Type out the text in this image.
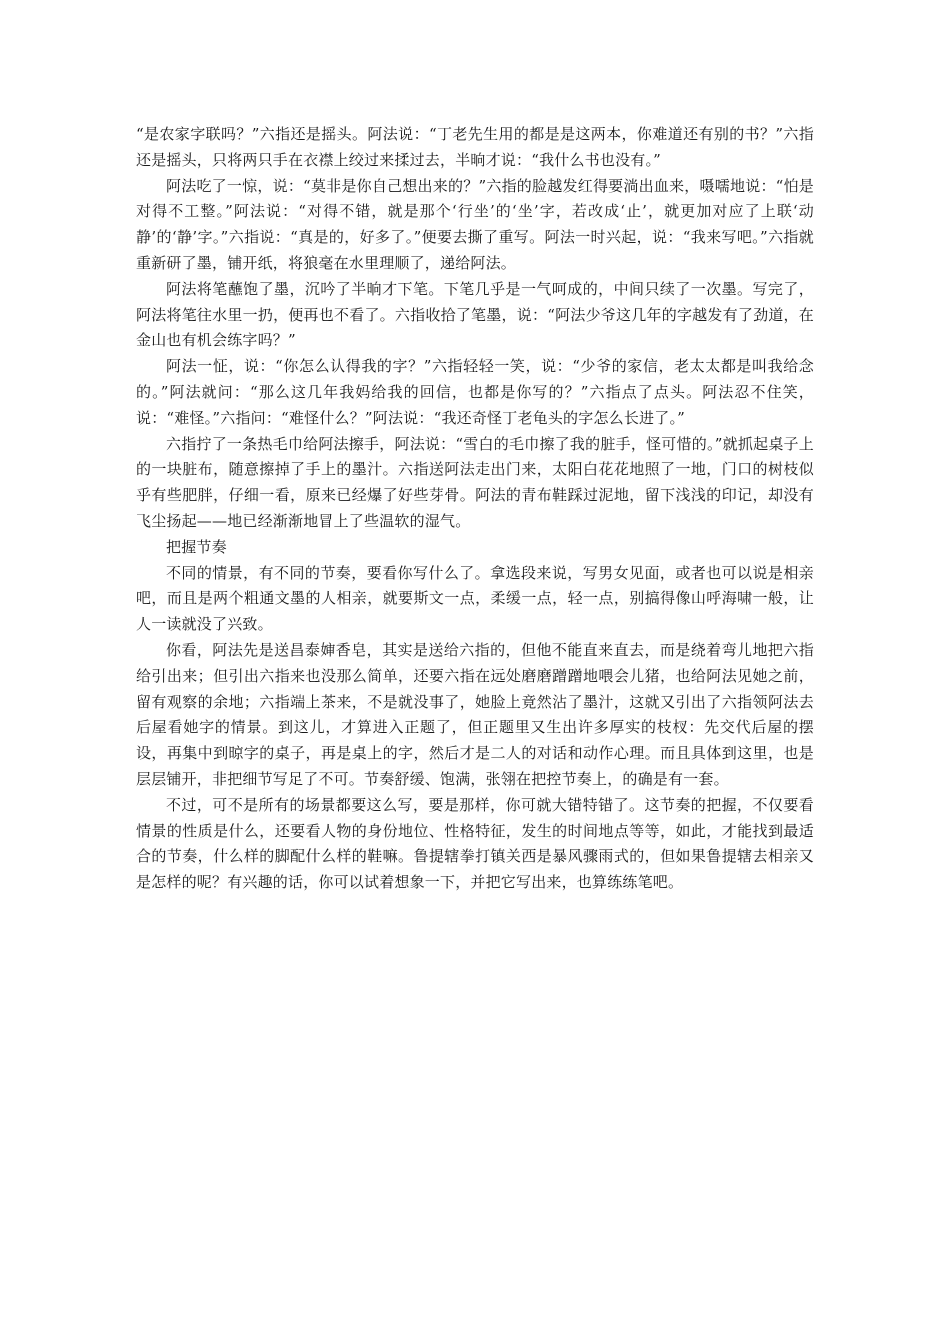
“是农家字联吗？”六指还是摇头。阿法说：“丁老先生用的都是是这两本，你难道还有别的书？”六指还是摇头，只将两只手在衣襟上绞过来揉过去，半晌才说：“我什么书也没有。”

阿法吃了一惊，说：“莫非是你自己想出来的？”六指的脸越发红得要淌出血来，嗫嚅地说：“怕是对得不工整。”阿法说：“对得不错，就是那个‘行坐’的‘坐’字，若改成‘止’，就更加对应了上联‘动静’的‘静’字。”六指说：“真是的，好多了。”便要去撕了重写。阿法一时兴起，说：“我来写吧。”六指就重新研了墨，铺开纸，将狼毫在水里理顺了，递给阿法。

阿法将笔蘸饱了墨，沉吟了半晌才下笔。下笔几乎是一气呵成的，中间只续了一次墨。写完了，阿法将笔往水里一扔，便再也不看了。六指收拾了笔墨，说：“阿法少爷这几年的字越发有了劲道，在金山也有机会练字吗？”

阿法一怔，说：“你怎么认得我的字？”六指轻轻一笑，说：“少爷的家信，老太太都是叫我给念的。”阿法就问：“那么这几年我妈给我的回信，也都是你写的？”六指点了点头。阿法忍不住笑，说：“难怪。”六指问：“难怪什么？”阿法说：“我还奇怪丁老龟头的字怎么长进了。”

六指拧了一条热毛巾给阿法擦手，阿法说：“雪白的毛巾擦了我的脏手，怪可惜的。”就抓起桌子上的一块脏布，随意擦掉了手上的墨汁。六指送阿法走出门来，太阳白花花地照了一地，门口的树枝似乎有些肥胖，仔细一看，原来已经爆了好些芽骨。阿法的青布鞋踩过泥地，留下浅浅的印记，却没有飞尘扬起——地已经渐渐地冒上了些温软的湿气。

把握节奏

不同的情景，有不同的节奏，要看你写什么了。拿选段来说，写男女见面，或者也可以说是相亲吧，而且是两个粗通文墨的人相亲，就要斯文一点，柔缓一点，轻一点，别搞得像山呼海啸一般，让人一读就没了兴致。

你看，阿法先是送昌泰婶香皂，其实是送给六指的，但他不能直来直去，而是绕着弯儿地把六指给引出来；但引出六指来也没那么简单，还要六指在远处磨磨蹭蹭地喂会儿猪，也给阿法见她之前，留有观察的余地；六指端上茶来，不是就没事了，她脸上竟然沾了墨汁，这就又引出了六指领阿法去后屋看她字的情景。到这儿，才算进入正题了，但正题里又生出许多厚实的枝杈：先交代后屋的摆设，再集中到晾字的桌子，再是桌上的字，然后才是二人的对话和动作心理。而且具体到这里，也是层层铺开，非把细节写足了不可。节奏舒缓、饱满，张翎在把控节奏上，的确是有一套。

不过，可不是所有的场景都要这么写，要是那样，你可就大错特错了。这节奏的把握，不仅要看情景的性质是什么，还要看人物的身份地位、性格特征，发生的时间地点等等，如此，才能找到最适合的节奏，什么样的脚配什么样的鞋嘛。鲁提辖拳打镇关西是暴风骤雨式的，但如果鲁提辖去相亲又是怎样的呢？有兴趣的话，你可以试着想象一下，并把它写出来，也算练练笔吧。
